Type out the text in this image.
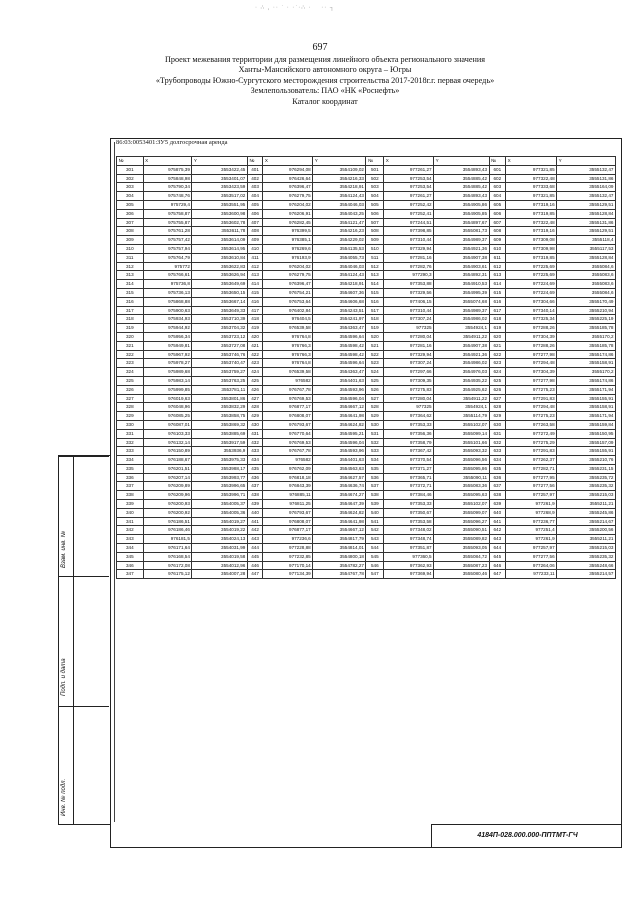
· ∴ , ·· ˙ · ·˙·∴ · ﾞ ·· ┐
697
Проект межевания территории для размещения линейного объекта регионального значения
Ханты-Мансийского автономного округа – Югры
«Трубопроводы Южно-Сургутского месторождения строительства 2017-2018г.г. первая очередь»
Землепользователь: ПАО «НК «Роснефть»
Каталог координат
86:03:0053401:ЗУ5 долгосрочная аренда
№	X	Y	№	X	Y	№	X	Y	№	X	Y
301	975875,39	3553422,45	401	976294,08	3554109,02	501	977261,27	3554893,43	601	977321,85	3555132,47
302	975848,98	3553401,07	402	976426,64	3554216,33	502	977253,54	3554885,42	602	977322,48	3555131,86
303	975790,34	3553423,59	403	976396,47	3554218,91	503	977253,54	3554885,42	603	977333,68	3555164,09
304	975748,76	3553517,02	404	976279,75	3554124,43	504	977261,27	3554893,43	604	977321,85	3555132,47
305	975729,4	3553551,95	405	976204,02	3554046,03	505	977252,42	3554905,86	605	977319,16	3555129,51
306	975758,87	3553600,98	406	976206,91	3554043,25	506	977252,41	3554905,85	606	977319,85	3555128,84
307	975755,87	3553602,78	407	976282,45	3554121,47	507	977244,51	3554897,67	607	977322,48	3555131,86
308	975761,28	3553611,78	408	976399,5	3554216,23	508	977398,85	3555081,73	608	977319,16	3555129,51
309	975757,42	3553614,09	409	976385,1	3554229,02	509	977310,44	3554989,37	609	977309,08	3555118,4
310	975757,94	3553614,95	410	976269,6	3554135,53	510	977329,94	3554921,36	610	977309,98	3555117,53
311	975764,79	3553610,84	411	976193,9	3554055,73	511	977281,16	3554907,38	611	977319,85	3555128,84
312	975772	3553622,83	412	976204,02	3554046,03	512	977282,76	3554903,61	612	977225,69	3555084,6
313	975766,61	3553626,94	413	976279,75	3554124,43	513	977290,3	3554892,31	613	977225,69	3555083,6
314	975736,8	3553649,69	414	976396,47	3554218,91	514	977353,88	3554910,53	614	977224,69	3555083,6
315	975736,13	3553650,15	415	976754,21	3554607,36	515	977329,56	3554995,39	615	977224,69	3555084,6
316	975868,88	3553667,14	416	976753,64	3554606,68	516	977406,15	3555074,68	616	977304,66	3555170,49
317	975900,63	3553649,33	417	976402,84	3554243,51	517	977310,44	3554989,37	617	977340,14	3555210,94
318	975934,93	3553710,39	418	976404,5	3554241,97	518	977307,24	3554986,02	618	977325,34	3555225,19
319	975944,92	3553704,32	419	976539,58	3554363,47	519	977325	3554924,1	619	977288,26	3555185,78
320	975956,34	3553723,12	420	976764,8	3554596,64	520	977280,04	3554911,22	620	977304,39	3555170,2
321	975949,81	3553727,08	421	976766,3	3554598,42	521	977281,16	3554907,38	621	977288,26	3555185,78
322	975967,92	3553746,76	422	976766,3	3554598,42	522	977329,94	3554921,36	622	977277,98	3555174,86
323	975978,27	3553740,47	423	976764,8	3554596,64	523	977307,24	3554986,02	623	977294,48	3555158,91
324	975989,68	3553759,27	424	976539,58	3554363,47	524	977297,66	3554976,03	624	977304,39	3555170,2
325	975983,14	3553763,25	425	976582	3554401,63	525	977309,35	3554935,22	625	977277,98	3555174,86
326	975999,85	3553781,11	426	976767,78	3554593,96	526	977275,83	3554925,62	626	977275,23	3555171,94
327	976019,63	3553801,86	427	976769,53	3554596,04	527	977280,04	3554911,22	627	977291,83	3555155,91
328	976048,96	3553832,29	428	976877,17	3554667,12	528	977325	3554924,1	628	977294,48	3555158,91
329	976085,25	3553858,75	429	976808,07	3554641,98	529	977364,62	3555114,79	629	977275,23	3555171,94
330	976087,01	3553869,32	430	976793,67	3554624,82	530	977353,33	3555102,07	630	977263,58	3555159,84
331	976103,33	3553885,69	431	976770,64	3554595,21	531	977356,36	3555099,14	631	977272,49	3555150,95
332	976132,14	3553917,59	432	976769,53	3554596,04	532	977358,79	3555101,66	632	977275,29	3555157,09
333	976150,89	3553936,9	433	976767,78	3554593,96	533	977367,42	3555093,32	633	977291,83	3555155,91
334	976188,67	3553975,33	434	976582	3554401,63	534	977370,54	3555096,56	634	977262,37	3555210,76
335	976201,51	3553988,17	435	976762,09	3554563,63	535	977371,27	3555095,86	635	977282,71	3555231,15
336	976207,14	3553993,77	436	976818,18	3554627,57	536	977365,71	3555090,11	636	977277,95	3555235,72
337	976209,89	3553996,65	437	976843,39	3554636,74	537	977372,71	3555083,36	637	977277,56	3555235,32
338	976209,96	3553996,71	438	976885,11	3554674,27	538	977384,46	3555095,63	638	977257,97	3555215,03
339	976200,93	3554005,37	439	976811,25	3554647,39	539	977353,33	3555102,07	639	977261,9	3555211,21
340	976200,92	3554005,36	440	976793,67	3554624,82	540	977350,67	3555099,07	640	977268,9	3555245,86
341	976186,51	3554019,27	441	976808,07	3554641,98	541	977353,58	3555096,27	641	977236,77	3555214,67
342	976186,46	3554019,22	442	976877,17	3554667,12	542	977348,02	3555090,51	642	977251,4	3555200,56
343	976181,5	3554024,13	443	977236,6	3554817,79	543	977348,74	3555089,82	643	977261,9	3555211,21
344	976171,64	3554031,99	444	977228,88	3554814,01	544	977351,87	3555093,05	644	977257,97	3555215,03
345	976168,54	3554019,58	445	977232,85	3554800,18	545	977360,5	3555084,72	645	977277,56	3555235,32
346	976172,08	3554012,96	446	977170,14	3554782,27	546	977362,93	3555087,23	646	977264,06	3555248,66
347	976175,12	3554007,28	447	977134,39	3554767,78	547	977369,94	3555080,46	647	977233,11	3555214,57
Взам. инв. №
Подп. и дата
Инв. № подл.
4184П-028.000.000-ППТМТ-ГЧ
